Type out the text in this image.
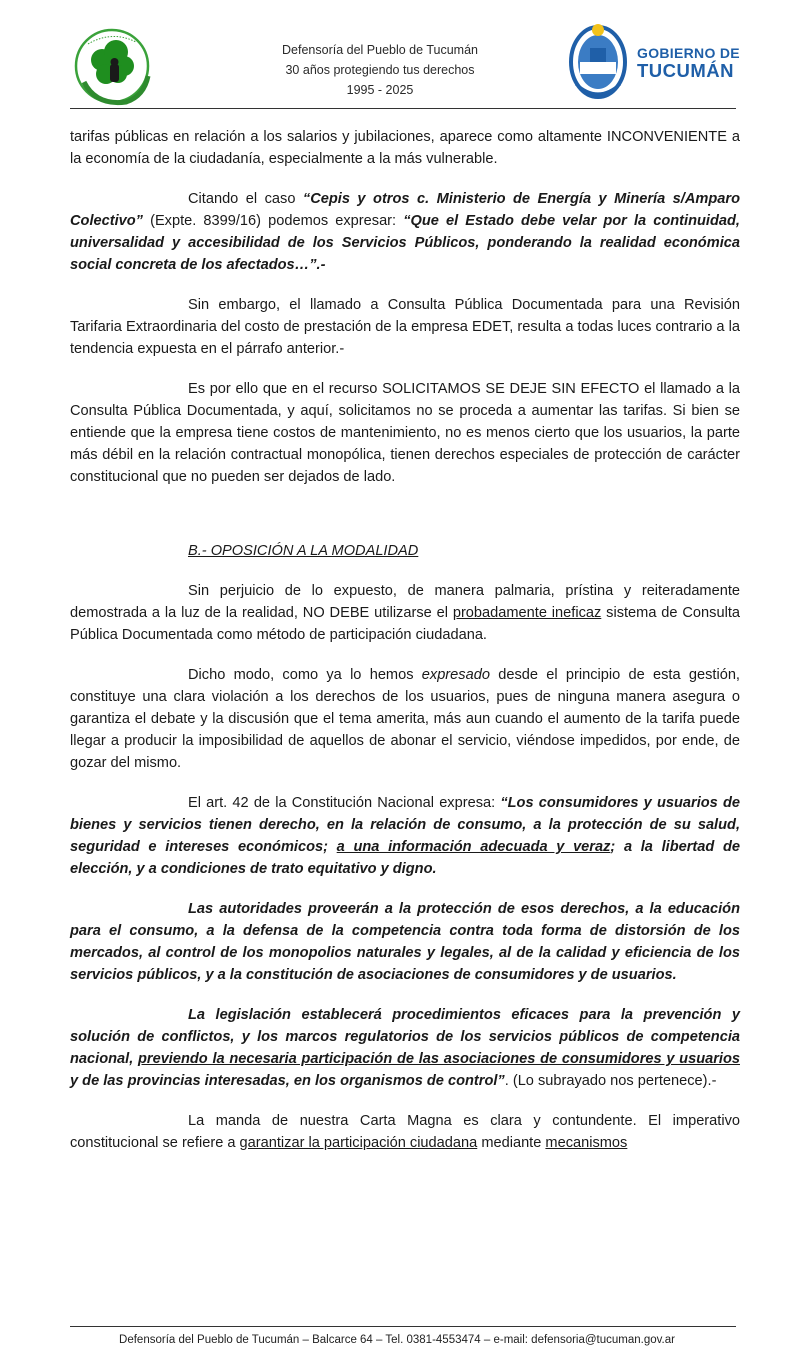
Defensoría del Pueblo de Tucumán
30 años protegiendo tus derechos
1995 - 2025
GOBIERNO DE
TUCUMÁN

tarifas públicas en relación a los salarios y jubilaciones, aparece como altamente INCONVENIENTE a la economía de la ciudadanía, especialmente a la más vulnerable.

Citando el caso “Cepis y otros c. Ministerio de Energía y Minería s/Amparo Colectivo” (Expte. 8399/16) podemos expresar: “Que el Estado debe velar por la continuidad, universalidad y accesibilidad de los Servicios Públicos, ponderando la realidad económica social concreta de los afectados…”.-

Sin embargo, el llamado a Consulta Pública Documentada para una Revisión Tarifaria Extraordinaria del costo de prestación de la empresa EDET, resulta a todas luces contrario a la tendencia expuesta en el párrafo anterior.-

Es por ello que en el recurso SOLICITAMOS SE DEJE SIN EFECTO el llamado a la Consulta Pública Documentada, y aquí, solicitamos no se proceda a aumentar las tarifas. Si bien se entiende que la empresa tiene costos de mantenimiento, no es menos cierto que los usuarios, la parte más débil en la relación contractual monopólica, tienen derechos especiales de protección de carácter constitucional que no pueden ser dejados de lado.

B.- OPOSICIÓN A LA MODALIDAD

Sin perjuicio de lo expuesto, de manera palmaria, prístina y reiteradamente demostrada a la luz de la realidad, NO DEBE utilizarse el probadamente ineficaz sistema de Consulta Pública Documentada como método de participación ciudadana.

Dicho modo, como ya lo hemos expresado desde el principio de esta gestión, constituye una clara violación a los derechos de los usuarios, pues de ninguna manera asegura o garantiza el debate y la discusión que el tema amerita, más aun cuando el aumento de la tarifa puede llegar a producir la imposibilidad de aquellos de abonar el servicio, viéndose impedidos, por ende, de gozar del mismo.

El art. 42 de la Constitución Nacional expresa: “Los consumidores y usuarios de bienes y servicios tienen derecho, en la relación de consumo, a la protección de su salud, seguridad e intereses económicos; a una información adecuada y veraz; a la libertad de elección, y a condiciones de trato equitativo y digno.

Las autoridades proveerán a la protección de esos derechos, a la educación para el consumo, a la defensa de la competencia contra toda forma de distorsión de los mercados, al control de los monopolios naturales y legales, al de la calidad y eficiencia de los servicios públicos, y a la constitución de asociaciones de consumidores y de usuarios.

La legislación establecerá procedimientos eficaces para la prevención y solución de conflictos, y los marcos regulatorios de los servicios públicos de competencia nacional, previendo la necesaria participación de las asociaciones de consumidores y usuarios y de las provincias interesadas, en los organismos de control”. (Lo subrayado nos pertenece).-

La manda de nuestra Carta Magna es clara y contundente. El imperativo constitucional se refiere a garantizar la participación ciudadana mediante mecanismos

Defensoría del Pueblo de Tucumán – Balcarce 64 – Tel. 0381-4553474 – e-mail: defensoria@tucuman.gov.ar
